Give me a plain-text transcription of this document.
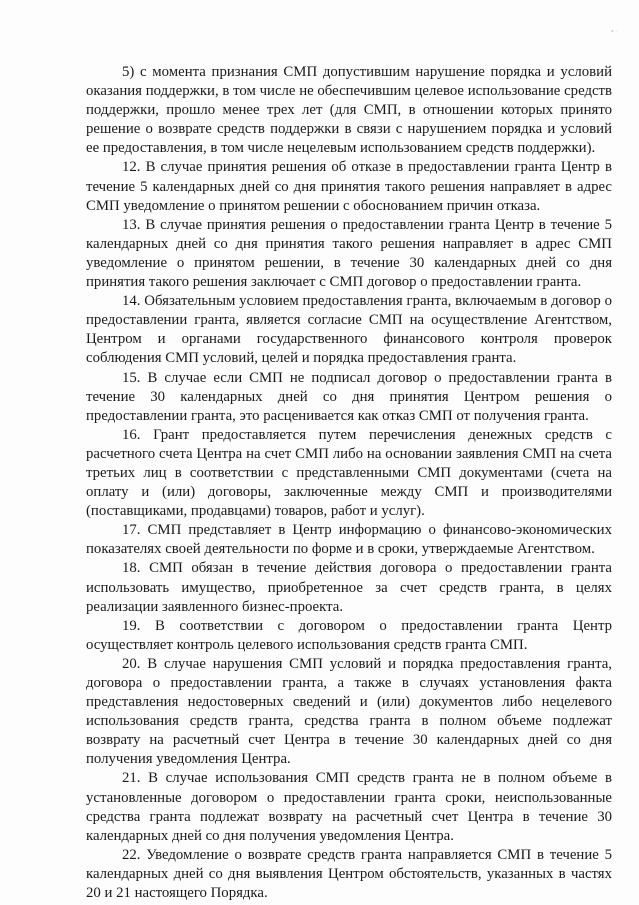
• ·

5) с момента признания СМП допустившим нарушение порядка и условий оказания поддержки, в том числе не обеспечившим целевое использование средств поддержки, прошло менее трех лет (для СМП, в отношении которых принято решение о возврате средств поддержки в связи с нарушением порядка и условий ее предоставления, в том числе нецелевым использованием средств поддержки).

12. В случае принятия решения об отказе в предоставлении гранта Центр в течение 5 календарных дней со дня принятия такого решения направляет в адрес СМП уведомление о принятом решении с обоснованием причин отказа.

13. В случае принятия решения о предоставлении гранта Центр в течение 5 календарных дней со дня принятия такого решения направляет в адрес СМП уведомление о принятом решении, в течение 30 календарных дней со дня принятия такого решения заключает с СМП договор о предоставлении гранта.

14. Обязательным условием предоставления гранта, включаемым в договор о предоставлении гранта, является согласие СМП на осуществление Агентством, Центром и органами государственного финансового контроля проверок соблюдения СМП условий, целей и порядка предоставления гранта.

15. В случае если СМП не подписал договор о предоставлении гранта в течение 30 календарных дней со дня принятия Центром решения о предоставлении гранта, это расценивается как отказ СМП от получения гранта.

16. Грант предоставляется путем перечисления денежных средств с расчетного счета Центра на счет СМП либо на основании заявления СМП на счета третьих лиц в соответствии с представленными СМП документами (счета на оплату и (или) договоры, заключенные между СМП и производителями (поставщиками, продавцами) товаров, работ и услуг).

17. СМП представляет в Центр информацию о финансово-экономических показателях своей деятельности по форме и в сроки, утверждаемые Агентством.

18. СМП обязан в течение действия договора о предоставлении гранта использовать имущество, приобретенное за счет средств гранта, в целях реализации заявленного бизнес-проекта.

19. В соответствии с договором о предоставлении гранта Центр осуществляет контроль целевого использования средств гранта СМП.

20. В случае нарушения СМП условий и порядка предоставления гранта, договора о предоставлении гранта, а также в случаях установления факта представления недостоверных сведений и (или) документов либо нецелевого использования средств гранта, средства гранта в полном объеме подлежат возврату на расчетный счет Центра в течение 30 календарных дней со дня получения уведомления Центра.

21. В случае использования СМП средств гранта не в полном объеме в установленные договором о предоставлении гранта сроки, неиспользованные средства гранта подлежат возврату на расчетный счет Центра в течение 30 календарных дней со дня получения уведомления Центра.

22. Уведомление о возврате средств гранта направляется СМП в течение 5 календарных дней со дня выявления Центром обстоятельств, указанных в частях 20 и 21 настоящего Порядка.
